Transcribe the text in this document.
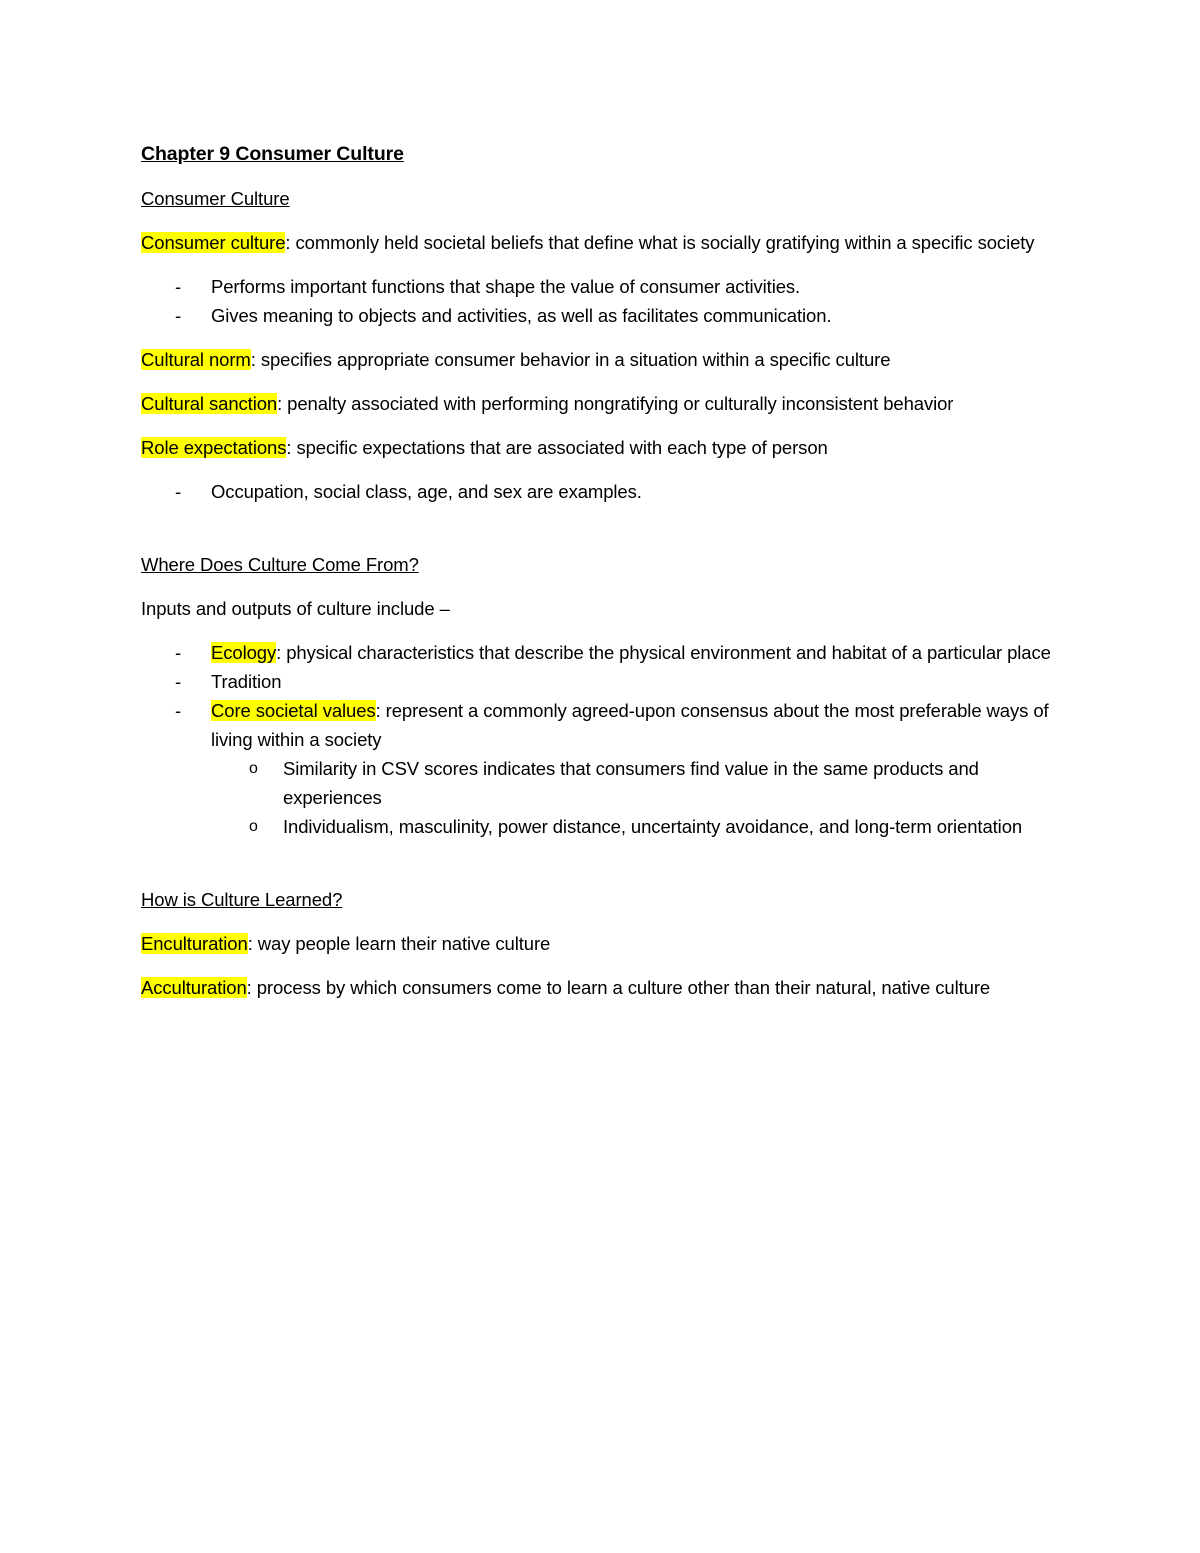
Chapter 9 Consumer Culture
Consumer Culture
Consumer culture: commonly held societal beliefs that define what is socially gratifying within a specific society
- Performs important functions that shape the value of consumer activities.
- Gives meaning to objects and activities, as well as facilitates communication.
Cultural norm: specifies appropriate consumer behavior in a situation within a specific culture
Cultural sanction: penalty associated with performing nongratifying or culturally inconsistent behavior
Role expectations: specific expectations that are associated with each type of person
- Occupation, social class, age, and sex are examples.
Where Does Culture Come From?
Inputs and outputs of culture include –
- Ecology: physical characteristics that describe the physical environment and habitat of a particular place
- Tradition
- Core societal values: represent a commonly agreed-upon consensus about the most preferable ways of living within a society
o Similarity in CSV scores indicates that consumers find value in the same products and experiences
o Individualism, masculinity, power distance, uncertainty avoidance, and long-term orientation
How is Culture Learned?
Enculturation: way people learn their native culture
Acculturation: process by which consumers come to learn a culture other than their natural, native culture
